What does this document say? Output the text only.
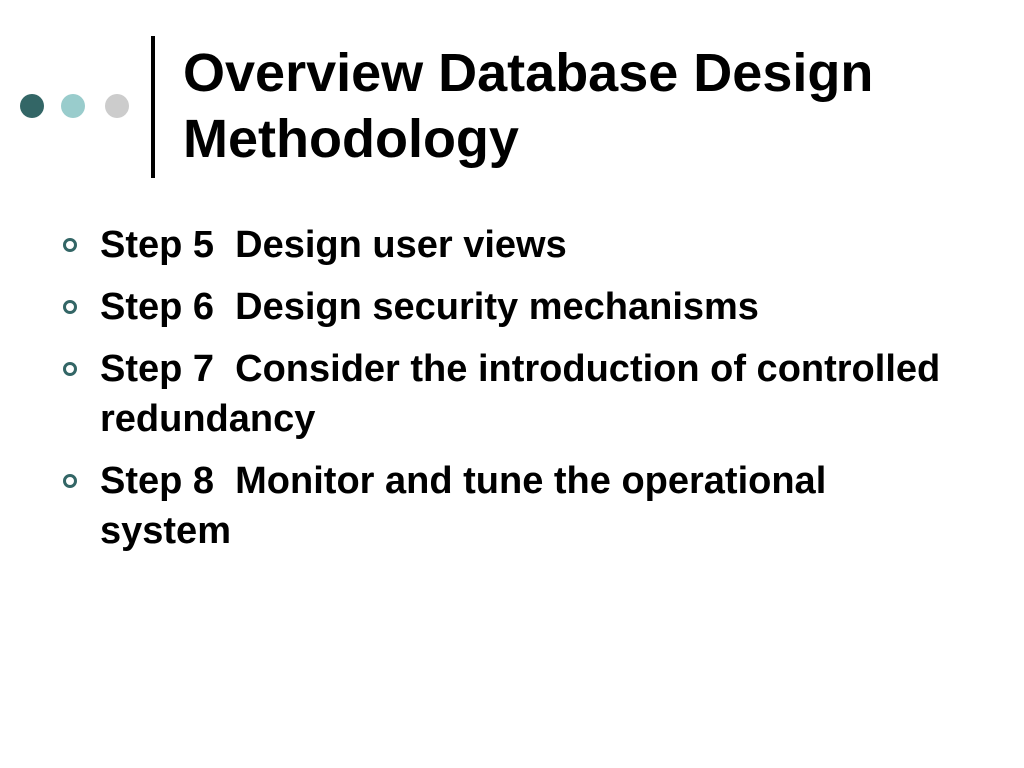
Overview Database Design Methodology
Step 5  Design user views
Step 6  Design security mechanisms
Step 7  Consider the introduction of controlled redundancy
Step 8  Monitor and tune the operational system
